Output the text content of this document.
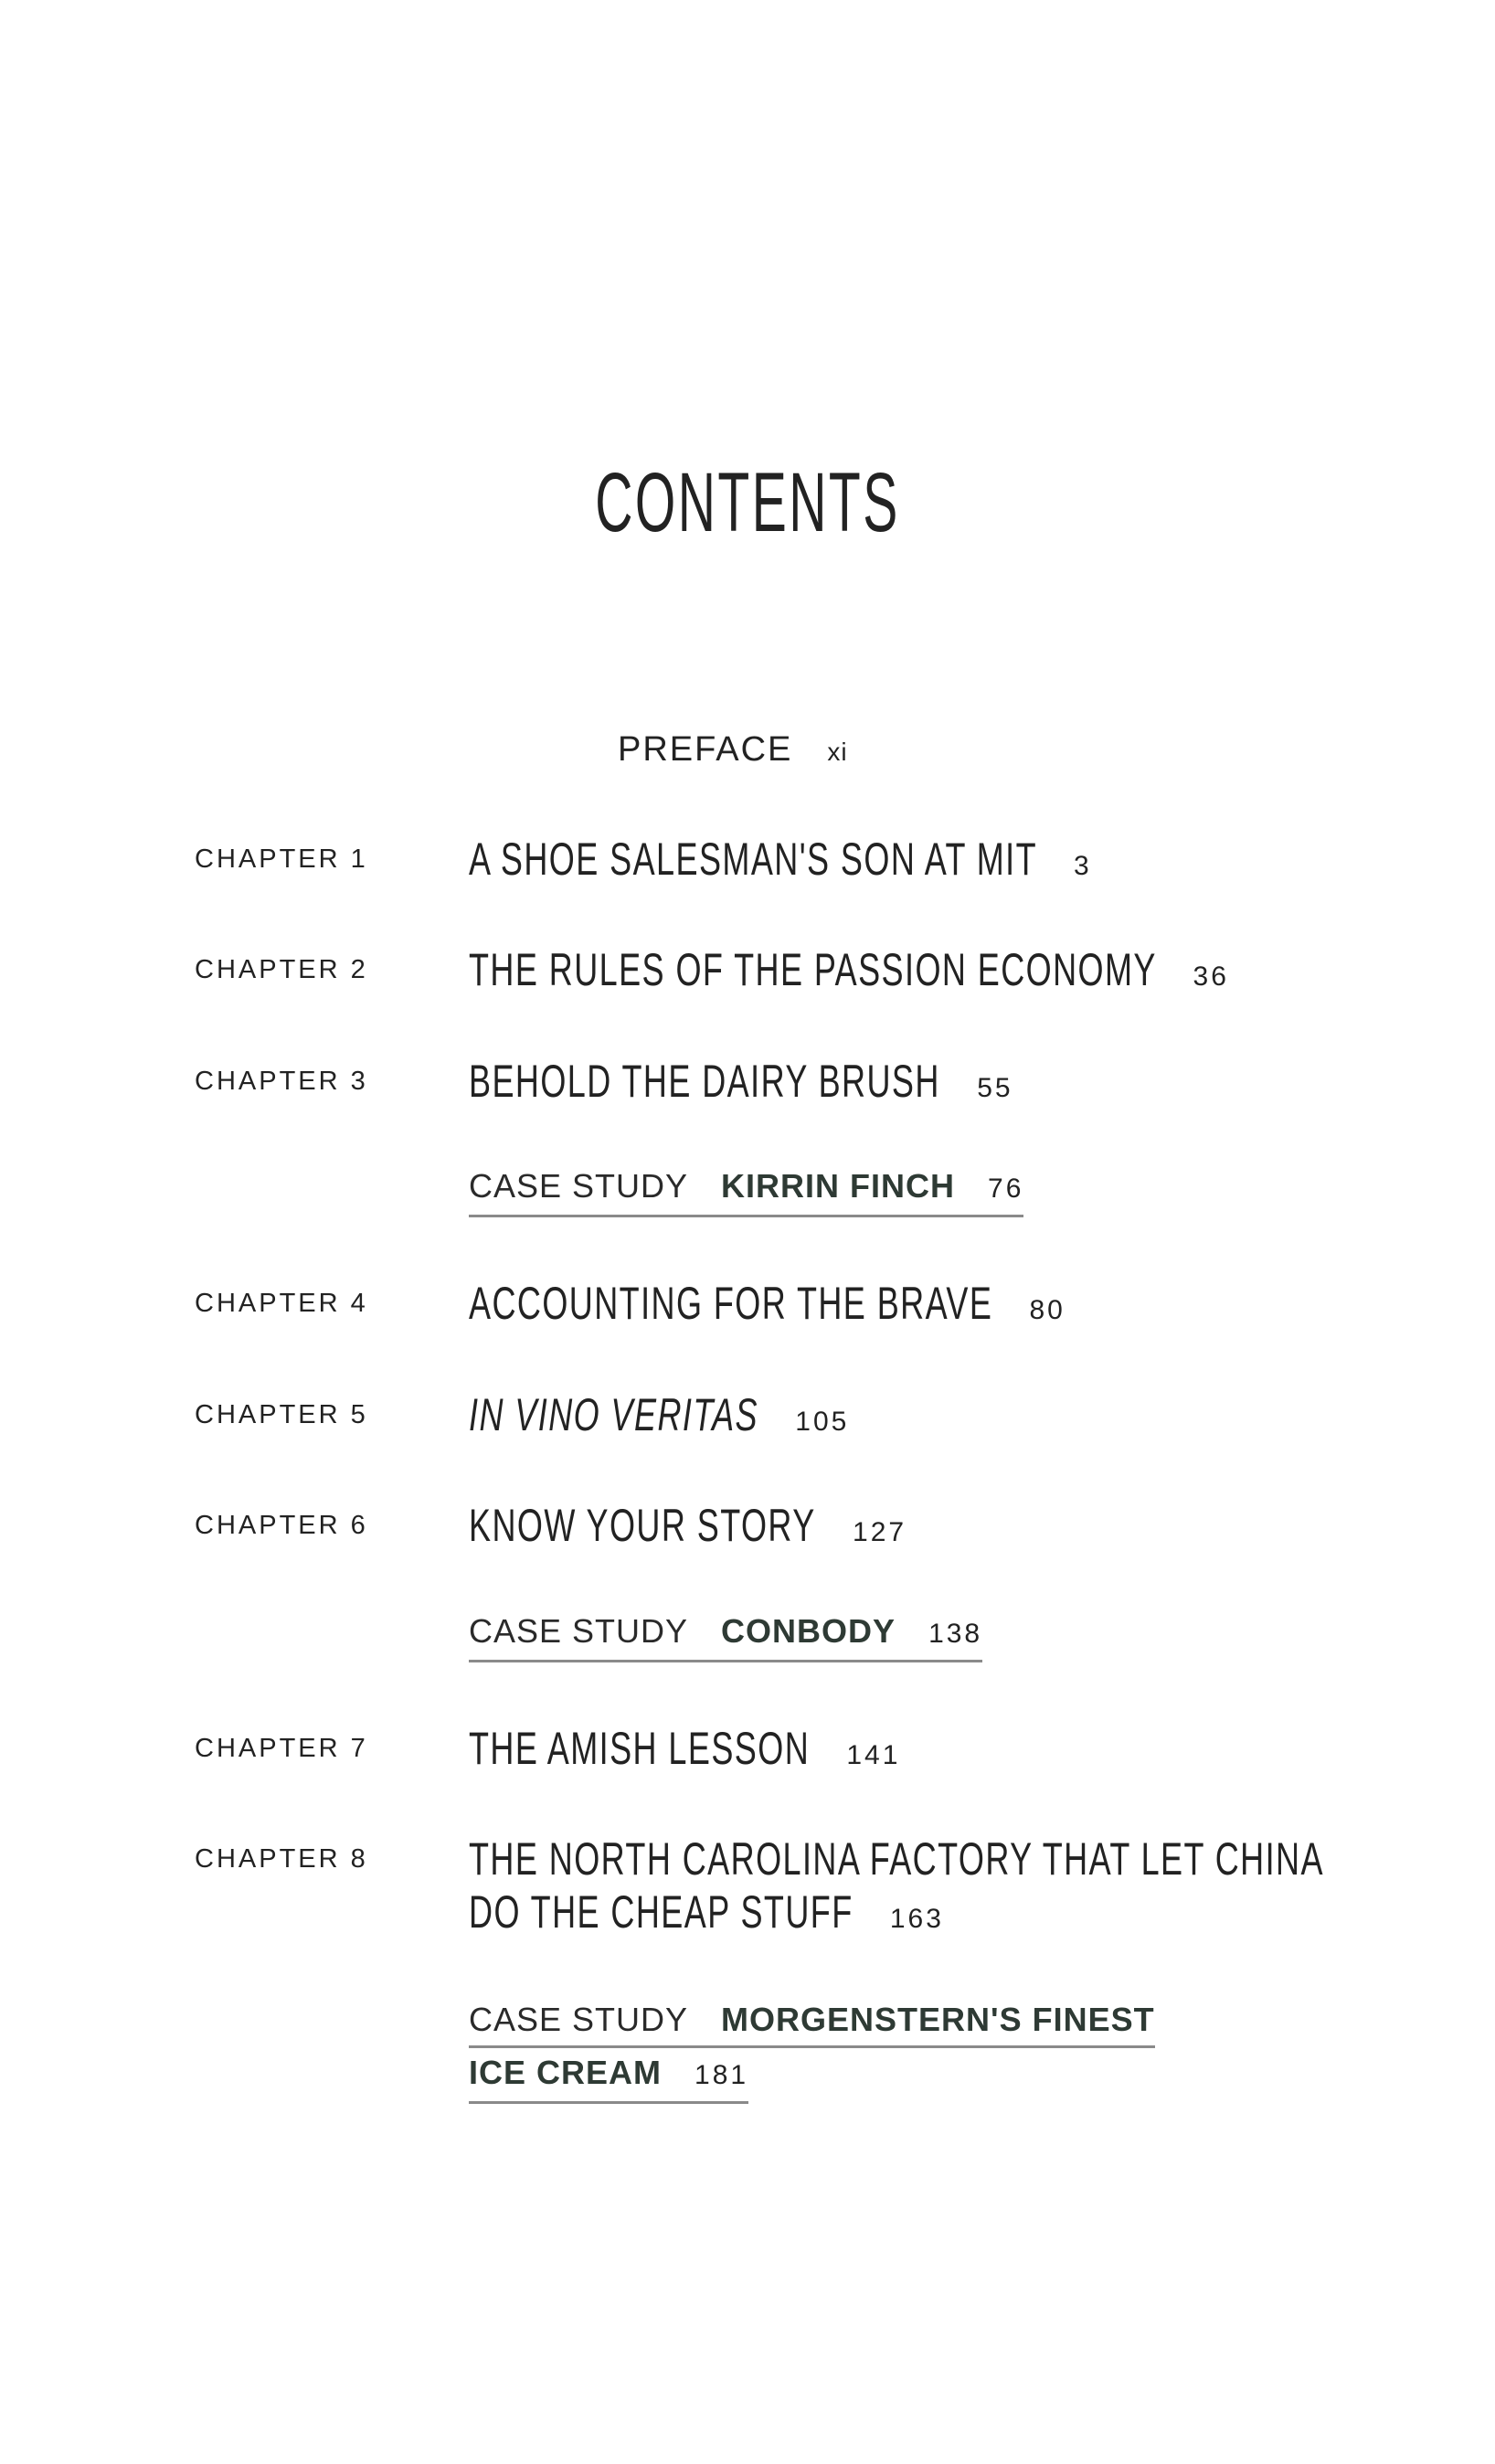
CONTENTS
PREFACE xi
CHAPTER 1 A SHOE SALESMAN'S SON AT MIT 3
CHAPTER 2 THE RULES OF THE PASSION ECONOMY 36
CHAPTER 3 BEHOLD THE DAIRY BRUSH 55
CASE STUDY KIRRIN FINCH 76
CHAPTER 4 ACCOUNTING FOR THE BRAVE 80
CHAPTER 5 IN VINO VERITAS 105
CHAPTER 6 KNOW YOUR STORY 127
CASE STUDY CONBODY 138
CHAPTER 7 THE AMISH LESSON 141
CHAPTER 8 THE NORTH CAROLINA FACTORY THAT LET CHINA
DO THE CHEAP STUFF 163
CASE STUDY MORGENSTERN'S FINEST
ICE CREAM 181
